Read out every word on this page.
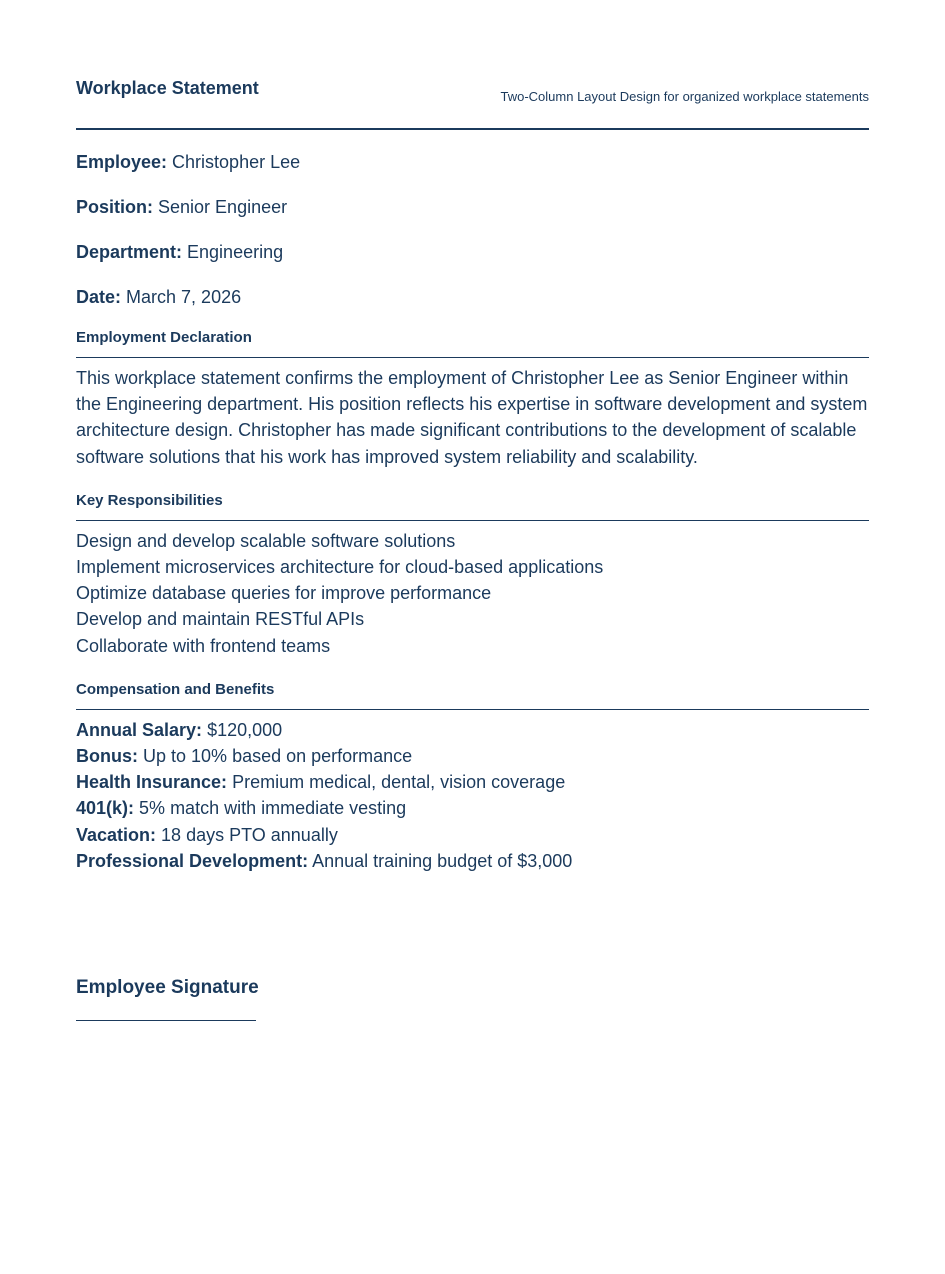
Workplace Statement	Two-Column Layout Design for organized workplace statements
Employee: Christopher Lee
Position: Senior Engineer
Department: Engineering
Date: March 7, 2026
Employment Declaration

This workplace statement confirms the employment of Christopher Lee as Senior Engineer within the Engineering department. His position reflects his expertise in software development and system architecture design. Christopher has made significant contributions to the development of scalable software solutions that his work has improved system reliability and scalability.

Key Responsibilities
Design and develop scalable software solutions
Implement microservices architecture for cloud-based applications
Optimize database queries for improve performance
Develop and maintain RESTful APIs
Collaborate with frontend teams
Compensation and Benefits
Annual Salary: $120,000
Bonus: Up to 10% based on performance
Health Insurance: Premium medical, dental, vision coverage
401(k): 5% match with immediate vesting
Vacation: 18 days PTO annually
Professional Development: Annual training budget of $3,000
Employee Signature
